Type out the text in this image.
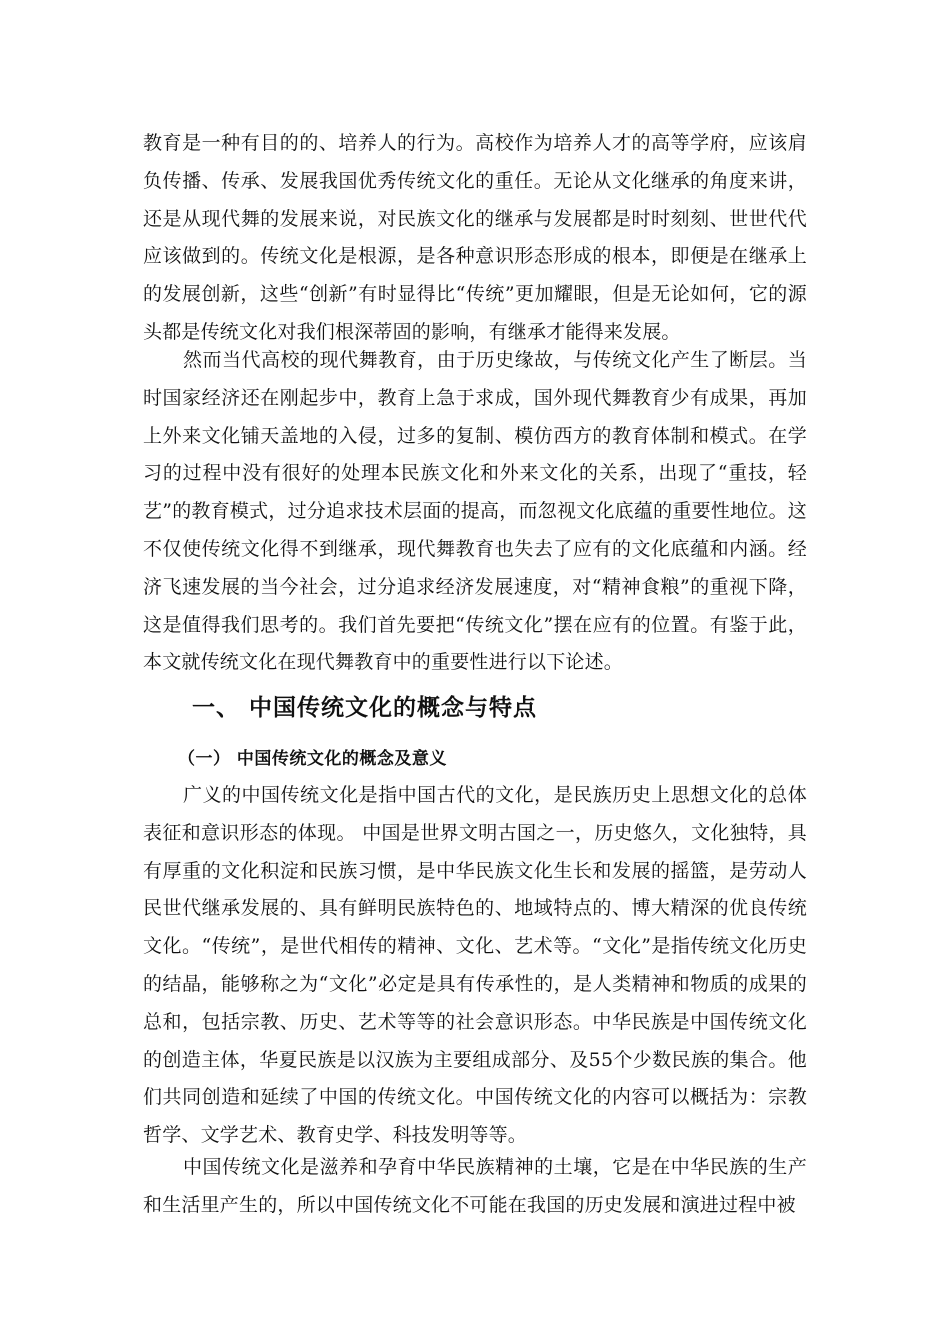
教育是一种有目的的、培养人的行为。高校作为培养人才的高等学府，应该肩负传播、传承、发展我国优秀传统文化的重任。无论从文化继承的角度来讲，还是从现代舞的发展来说，对民族文化的继承与发展都是时时刻刻、世世代代应该做到的。传统文化是根源，是各种意识形态形成的根本，即便是在继承上的发展创新，这些“创新”有时显得比“传统”更加耀眼，但是无论如何，它的源头都是传统文化对我们根深蒂固的影响，有继承才能得来发展。

然而当代高校的现代舞教育，由于历史缘故，与传统文化产生了断层。当时国家经济还在刚起步中，教育上急于求成，国外现代舞教育少有成果，再加上外来文化铺天盖地的入侵，过多的复制、模仿西方的教育体制和模式。在学习的过程中没有很好的处理本民族文化和外来文化的关系，出现了“重技，轻艺”的教育模式，过分追求技术层面的提高，而忽视文化底蕴的重要性地位。这不仅使传统文化得不到继承，现代舞教育也失去了应有的文化底蕴和内涵。经济飞速发展的当今社会，过分追求经济发展速度，对“精神食粮”的重视下降，这是值得我们思考的。我们首先要把“传统文化”摆在应有的位置。有鉴于此，本文就传统文化在现代舞教育中的重要性进行以下论述。

一、 中国传统文化的概念与特点
（一） 中国传统文化的概念及意义

广义的中国传统文化是指中国古代的文化，是民族历史上思想文化的总体表征和意识形态的体现。 中国是世界文明古国之一，历史悠久，文化独特，具有厚重的文化积淀和民族习惯，是中华民族文化生长和发展的摇篮，是劳动人民世代继承发展的、具有鲜明民族特色的、地域特点的、博大精深的优良传统文化。“传统”，是世代相传的精神、文化、艺术等。“文化”是指传统文化历史的结晶，能够称之为“文化”必定是具有传承性的，是人类精神和物质的成果的总和，包括宗教、历史、艺术等等的社会意识形态。中华民族是中国传统文化的创造主体，华夏民族是以汉族为主要组成部分、及55个少数民族的集合。他们共同创造和延续了中国的传统文化。中国传统文化的内容可以概括为：宗教哲学、文学艺术、教育史学、科技发明等等。

中国传统文化是滋养和孕育中华民族精神的土壤，它是在中华民族的生产和生活里产生的，所以中国传统文化不可能在我国的历史发展和演进过程中被
